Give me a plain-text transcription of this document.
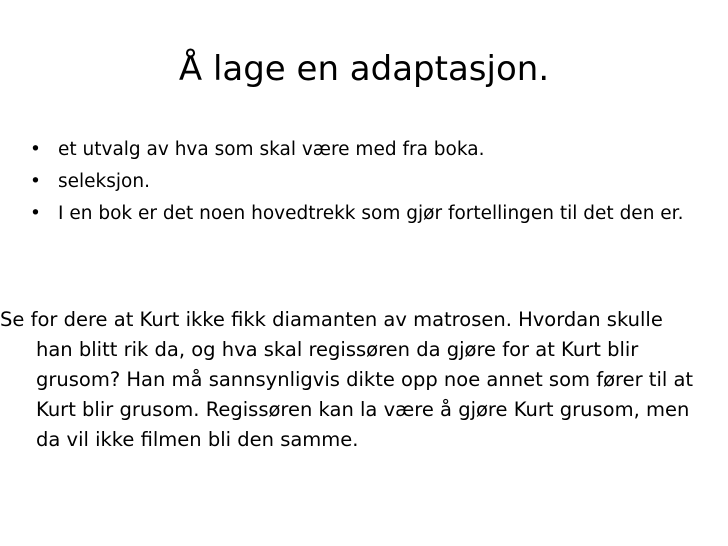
Å lage en adaptasjon.
• et utvalg av hva som skal være med fra boka.
• seleksjon.
• I en bok er det noen hovedtrekk som gjør fortellingen til det den er.

Se for dere at Kurt ikke fikk diamanten av matrosen. Hvordan skulle han blitt rik da, og hva skal regissøren da gjøre for at Kurt blir grusom? Han må sannsynligvis dikte opp noe annet som fører til at Kurt blir grusom. Regissøren kan la være å gjøre Kurt grusom, men da vil ikke filmen bli den samme.
